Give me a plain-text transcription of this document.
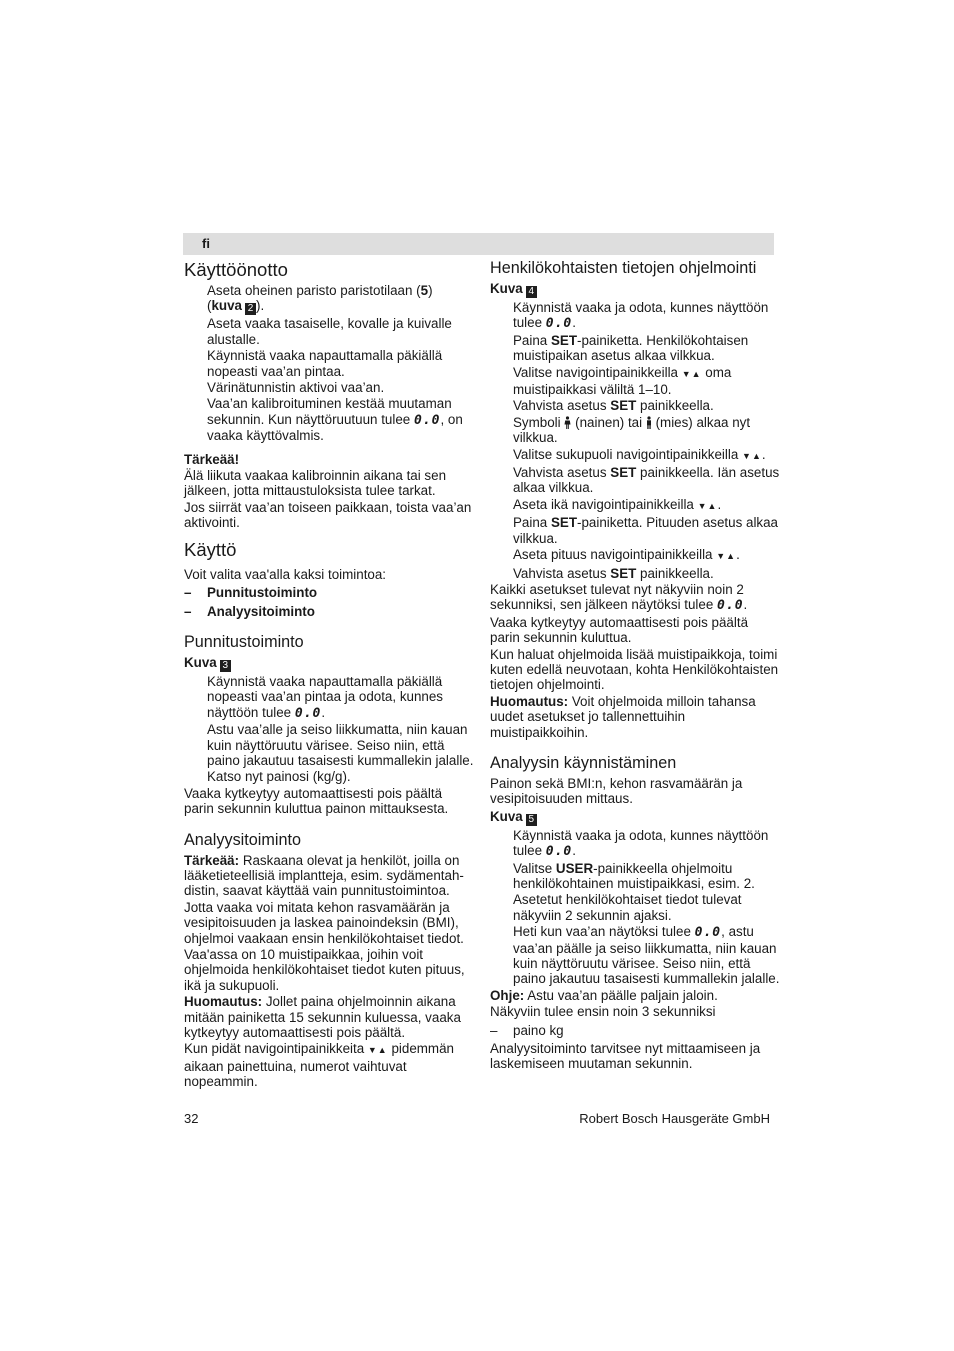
fi
Käyttöönotto
Aseta oheinen paristo paristotilaan (5)
(kuva 2 ).
Aseta vaaka tasaiselle, kovalle ja kuivalle alustalle.
Käynnistä vaaka napauttamalla päkiällä nopeasti vaa’an pintaa.
Värinätunnistin aktivoi vaa’an.
Vaa’an kalibroituminen kestää muutaman sekunnin. Kun näyttöruutuun tulee 0.0, on vaaka käyttövalmis.
Tärkeää!
Älä liikuta vaakaa kalibroinnin aikana tai sen jälkeen, jotta mittaustuloksista tulee tarkat.
Jos siirrät vaa’an toiseen paikkaan, toista vaa’an aktivointi.
Käyttö
Voit valita vaa'alla kaksi toimintoa:
–	Punnitustoiminto
–	Analyysitoiminto
Punnitustoiminto
Kuva 3
Käynnistä vaaka napauttamalla päkiällä nopeasti vaa’an pintaa ja odota, kunnes näyttöön tulee 0.0.
Astu vaa’alle ja seiso liikkumatta, niin kauan kuin näyttöruutu värisee. Seiso niin, että paino jakautuu tasaisesti kummallekin jalalle.
Katso nyt painosi (kg/g).
Vaaka kytkeytyy automaattisesti pois päältä parin sekunnin kuluttua painon mittauksesta.
Analyysitoiminto
Tärkeää: Raskaana olevat ja henkilöt, joilla on lääketieteellisiä implantteja, esim. sydämentah-distin, saavat käyttää vain punnitustoimintoa.
Jotta vaaka voi mitata kehon rasvamäärän ja vesipitoisuuden ja laskea painoindeksin (BMI), ohjelmoi vaakaan ensin henkilökohtaiset tiedot.
Vaa'assa on 10 muistipaikkaa, joihin voit ohjelmoida henkilökohtaiset tiedot kuten pituus, ikä ja sukupuoli.
Huomautus: Jollet paina ohjelmoinnin aikana mitään painiketta 15 sekunnin kuluessa, vaaka kytkeytyy automaattisesti pois päältä.
Kun pidät navigointipainikkeita ▼▲ pidemmän aikaan painettuina, numerot vaihtuvat nopeammin.
Henkilökohtaisten tietojen ohjelmointi
Kuva 4
Käynnistä vaaka ja odota, kunnes näyttöön tulee 0.0.
Paina SET-painiketta. Henkilökohtaisen muistipaikan asetus alkaa vilkkua.
Valitse navigointipainikkeilla ▼▲ oma muistipaikkasi väliltä 1–10.
Vahvista asetus SET painikkeella.
Symboli (nainen) tai (mies) alkaa nyt vilkkua.
Valitse sukupuoli navigointipainikkeilla ▼▲.
Vahvista asetus SET painikkeella. Iän asetus alkaa vilkkua.
Aseta ikä navigointipainikkeilla ▼▲.
Paina SET-painiketta. Pituuden asetus alkaa vilkkua.
Aseta pituus navigointipainikkeilla ▼▲.
Vahvista asetus SET painikkeella.
Kaikki asetukset tulevat nyt näkyviin noin 2 sekunniksi, sen jälkeen näytöksi tulee 0.0.
Vaaka kytkeytyy automaattisesti pois päältä parin sekunnin kuluttua.
Kun haluat ohjelmoida lisää muistipaikkoja, toimi kuten edellä neuvotaan, kohta Henkilökohtaisten tietojen ohjelmointi.
Huomautus: Voit ohjelmoida milloin tahansa uudet asetukset jo tallennettuihin muistipaikkoihin.
Analyysin käynnistäminen
Painon sekä BMI:n, kehon rasvamäärän ja vesipitoisuuden mittaus.
Kuva 5
Käynnistä vaaka ja odota, kunnes näyttöön tulee 0.0.
Valitse USER-painikkeella ohjelmoitu henkilökohtainen muistipaikkasi, esim. 2.
Asetetut henkilökohtaiset tiedot tulevat näkyviin 2 sekunnin ajaksi.
Heti kun vaa’an näytöksi tulee 0.0, astu vaa’an päälle ja seiso liikkumatta, niin kauan kuin näyttöruutu värisee. Seiso niin, että paino jakautuu tasaisesti kummallekin jalalle.
Ohje: Astu vaa’an päälle paljain jaloin.
Näkyviin tulee ensin noin 3 sekunniksi
–	paino kg
Analyysitoiminto tarvitsee nyt mittaamiseen ja laskemiseen muutaman sekunnin.
32	Robert Bosch Hausgeräte GmbH
